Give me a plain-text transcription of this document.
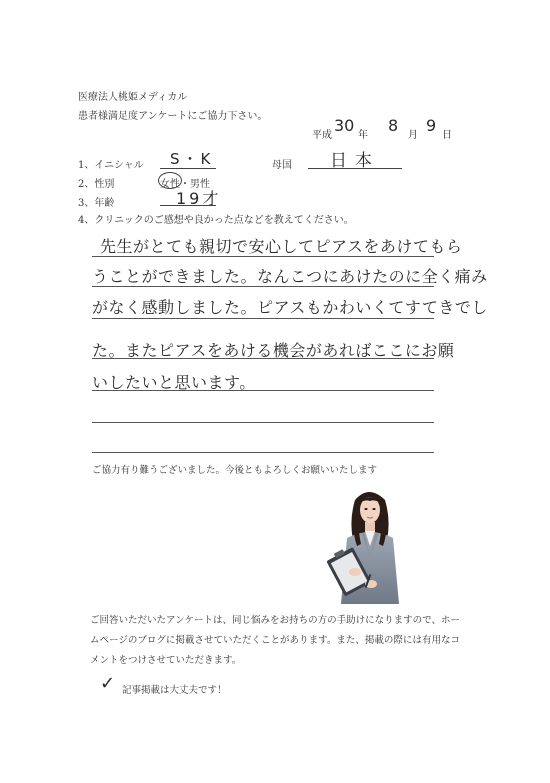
医療法人桃姫メディカル
患者様満足度アンケートにご協力下さい。
平成
30
年
8
月
9
日
1、イニシャル S・K	母国 日本
2、性別	女性・男性
3、年齢	19才
4、クリニックのご感想や良かった点などを教えてください。
先生がとても親切で安心してピアスをあけてもら
うことができました。なんこつにあけたのに全く痛み
がなく感動しました。ピアスもかわいくてすてきでし
た。またピアスをあける機会があればここにお願
いしたいと思います。
ご協力有り難うございました。今後ともよろしくお願いいたします
ご回答いただいたアンケートは、同じ悩みをお持ちの方の手助けになりますので、ホームページのブログに掲載させていただくことがあります。また、掲載の際には有用なコメントをつけさせていただきます。
✓ 記事掲載は大丈夫です！
